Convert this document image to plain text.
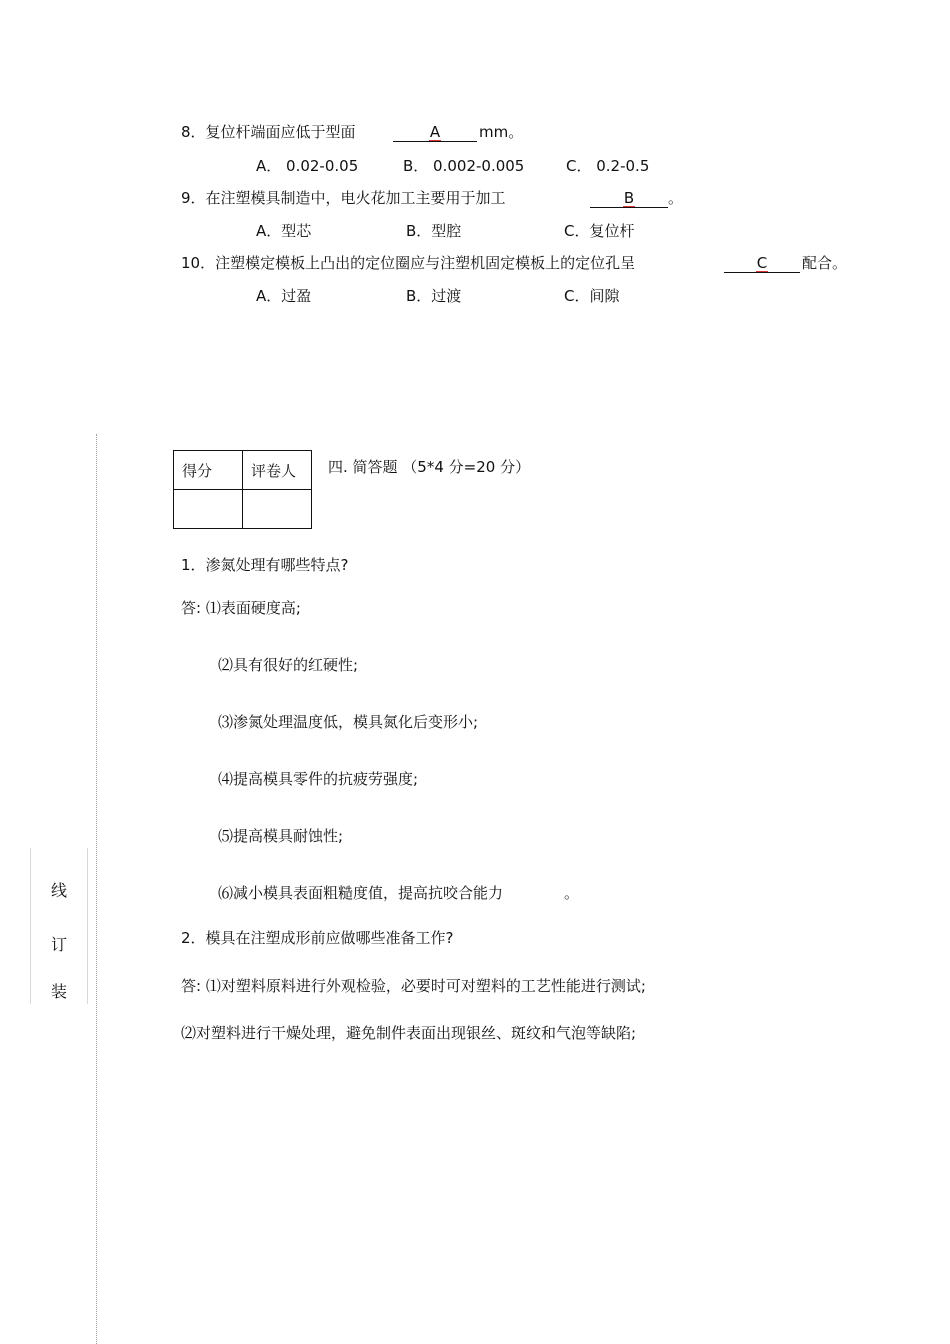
8．复位杆端面应低于型面	A	mm。
A． 0.02-0.05	B． 0.002-0.005	C． 0.2-0.5
9．在注塑模具制造中，电火花加工主要用于加工	B	。
A．型芯	B．型腔	C．复位杆
10．注塑模定模板上凸出的定位圈应与注塑机固定模板上的定位孔呈	C	配合。
A．过盈	B．过渡	C．间隙
线
订
装
得分	评卷人
	四. 简答题 （5*4 分=20 分）
1．渗氮处理有哪些特点?
答: ⑴表面硬度高;
⑵具有很好的红硬性;
⑶渗氮处理温度低，模具氮化后变形小;
⑷提高模具零件的抗疲劳强度;
⑸提高模具耐蚀性;
⑹减小模具表面粗糙度值，提高抗咬合能力	。
2．模具在注塑成形前应做哪些准备工作?
答: ⑴对塑料原料进行外观检验，必要时可对塑料的工艺性能进行测试;
⑵对塑料进行干燥处理，避免制件表面出现银丝、斑纹和气泡等缺陷;
